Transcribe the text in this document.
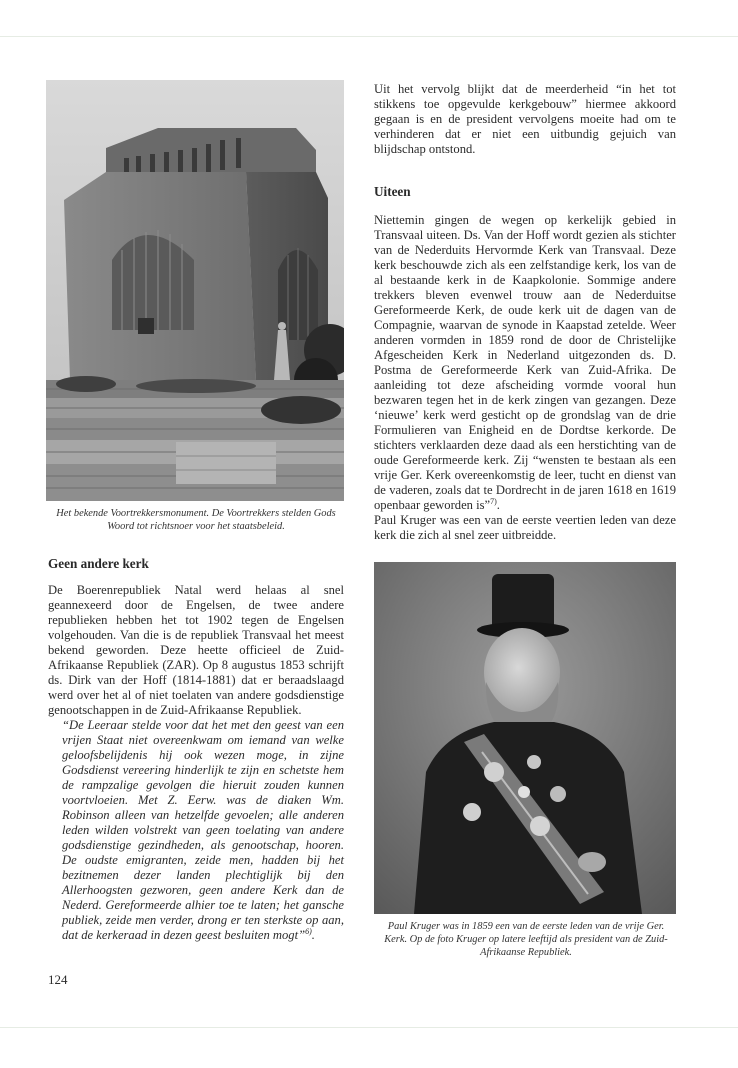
Het bekende Voortrekkersmonument. De Voortrekkers stelden Gods Woord tot richtsnoer voor het staatsbeleid.
Geen andere kerk

De Boerenrepubliek Natal werd helaas al snel geannexeerd door de Engelsen, de twee andere republieken hebben het tot 1902 tegen de Engelsen volgehouden. Van die is de republiek Transvaal het meest bekend geworden. Deze heette officieel de Zuid-Afrikaanse Republiek (ZAR). Op 8 augustus 1853 schrijft ds. Dirk van der Hoff (1814-1881) dat er beraadslaagd werd over het al of niet toelaten van andere godsdienstige genootschappen in de Zuid-Afrikaanse Republiek.

“De Leeraar stelde voor dat het met den geest van een vrijen Staat niet overeenkwam om iemand van welke geloofsbelijdenis hij ook wezen moge, in zijne Godsdienst vereering hinderlijk te zijn en schetste hem de rampzalige gevolgen die hieruit zouden kunnen voortvloeien. Met Z. Eerw. was de diaken Wm. Robinson alleen van hetzelfde gevoelen; alle anderen leden wilden volstrekt van geen toelating van andere godsdienstige gezindheden, als genootschap, hooren. De oudste emigranten, zeide men, hadden bij het bezitnemen dezer landen plechtiglijk bij den Allerhoogsten gezworen, geen andere Kerk dan de Nederd. Gereformeerde alhier toe te laten; het gansche publiek, zeide men verder, drong er ten sterkste op aan, dat de kerkeraad in dezen geest besluiten mogt”$^{6)}$.

Uit het vervolg blijkt dat de meerderheid “in het tot stikkens toe opgevulde kerkgebouw” hiermee akkoord gegaan is en de president vervolgens moeite had om te verhinderen dat er niet een uitbundig gejuich van blijdschap ontstond.

Uiteen

Niettemin gingen de wegen op kerkelijk gebied in Transvaal uiteen. Ds. Van der Hoff wordt gezien als stichter van de Nederduits Hervormde Kerk van Transvaal. Deze kerk beschouwde zich als een zelfstandige kerk, los van de al bestaande kerk in de Kaapkolonie. Sommige andere trekkers bleven evenwel trouw aan de Nederduitse Gereformeerde Kerk, de oude kerk uit de dagen van de Compagnie, waarvan de synode in Kaapstad zetelde. Weer anderen vormden in 1859 rond de door de Christelijke Afgescheiden Kerk in Nederland uitgezonden ds. D. Postma de Gereformeerde Kerk van Zuid-Afrika. De aanleiding tot deze afscheiding vormde vooral hun bezwaren tegen het in de kerk zingen van gezangen. Deze ‘nieuwe’ kerk werd gesticht op de grondslag van de drie Formulieren van Enigheid en de Dordtse kerkorde. De stichters verklaarden deze daad als een herstichting van de oude Gereformeerde kerk. Zij “wensten te bestaan als een vrije Ger. Kerk overeenkomstig de leer, tucht en dienst van de vaderen, zoals dat te Dordrecht in de jaren 1618 en 1619 openbaar geworden is”$^{7)}$.

Paul Kruger was een van de eerste veertien leden van deze kerk die zich al snel zeer uitbreidde.

Paul Kruger was in 1859 een van de eerste leden van de vrije Ger. Kerk. Op de foto Kruger op latere leeftijd als president van de Zuid-Afrikaanse Republiek.
124
